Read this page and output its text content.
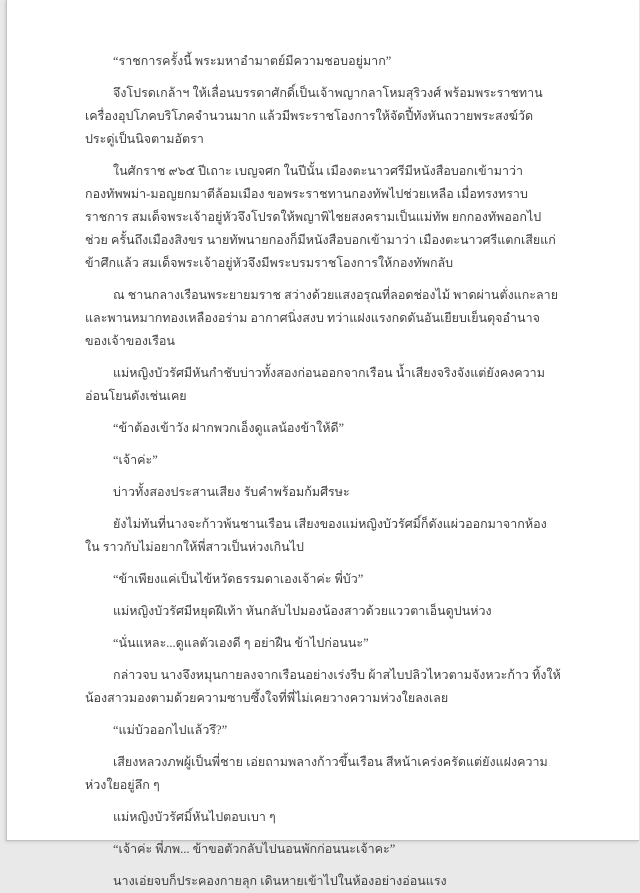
“ราชการครั้งนี้ พระมหาอำมาตย์มีความชอบอยู่มาก”

จึงโปรดเกล้าฯ ให้เลื่อนบรรดาศักดิ์เป็นเจ้าพญากลาโหมสุริวงศ์ พร้อมพระราชทานเครื่องอุปโภคบริโภคจำนวนมาก แล้วมีพระราชโองการให้จัดปี้ทังหันถวายพระสงฆ์วัดประดู่เป็นนิจตามอัตรา

ในศักราช ๙๖๕ ปีเถาะ เบญจศก ในปีนั้น เมืองตะนาวศรีมีหนังสือบอกเข้ามาว่า กองทัพพม่า-มอญยกมาตีล้อมเมือง ขอพระราชทานกองทัพไปช่วยเหลือ เมื่อทรงทราบราชการ สมเด็จพระเจ้าอยู่หัวจึงโปรดให้พญาพิไชยสงครามเป็นแม่ทัพ ยกกองทัพออกไปช่วย ครั้นถึงเมืองสิงขร นายทัพนายกองก็มีหนังสือบอกเข้ามาว่า เมืองตะนาวศรีแตกเสียแก่ข้าศึกแล้ว สมเด็จพระเจ้าอยู่หัวจึงมีพระบรมราชโองการให้กองทัพกลับ

ณ ชานกลางเรือนพระยายมราช สว่างด้วยแสงอรุณที่ลอดช่องไม้ พาดผ่านตั่งแกะลายและพานหมากทองเหลืองอร่าม อากาศนิ่งสงบ ทว่าแฝงแรงกดดันอันเยียบเย็นดุจอำนาจของเจ้าของเรือน

แม่หญิงบัวรัศมีหันกำชับบ่าวทั้งสองก่อนออกจากเรือน น้ำเสียงจริงจังแต่ยังคงความอ่อนโยนดังเช่นเคย

“ข้าต้องเข้าวัง ฝากพวกเอ็งดูแลน้องข้าให้ดี”

“เจ้าค่ะ”

บ่าวทั้งสองประสานเสียง รับคำพร้อมก้มศีรษะ

ยังไม่ทันที่นางจะก้าวพ้นชานเรือน เสียงของแม่หญิงบัวรัศมิ์ก็ดังแผ่วออกมาจากห้องใน ราวกับไม่อยากให้พี่สาวเป็นห่วงเกินไป

“ข้าเพียงแค่เป็นไข้หวัดธรรมดาเองเจ้าค่ะ พี่บัว”

แม่หญิงบัวรัศมีหยุดฝีเท้า หันกลับไปมองน้องสาวด้วยแววตาเอ็นดูปนห่วง

“นั่นแหละ...ดูแลตัวเองดี ๆ อย่าฝืน ข้าไปก่อนนะ”

กล่าวจบ นางจึงหมุนกายลงจากเรือนอย่างเร่งรีบ ผ้าสไบปลิวไหวตามจังหวะก้าว ทิ้งให้น้องสาวมองตามด้วยความซาบซึ้งใจที่พี่ไม่เคยวางความห่วงใยลงเลย

“แม่บัวออกไปแล้วรึ?”

เสียงหลวงภพผู้เป็นพี่ชาย เอ่ยถามพลางก้าวขึ้นเรือน สีหน้าเคร่งครัดแต่ยังแฝงความห่วงใยอยู่ลึก ๆ

แม่หญิงบัวรัศมิ์หันไปตอบเบา ๆ

“เจ้าค่ะ พี่ภพ... ข้าขอตัวกลับไปนอนพักก่อนนะเจ้าคะ”

นางเอ่ยจบก็ประคองกายลุก เดินหายเข้าไปในห้องอย่างอ่อนแรง
